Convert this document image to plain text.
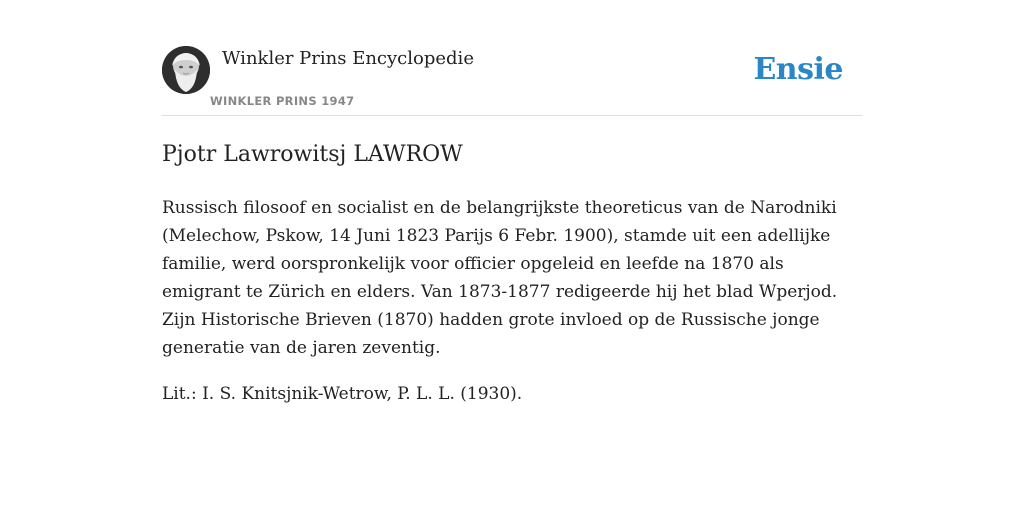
Winkler Prins Encyclopedie
WINKLER PRINS 1947
Ensie
Pjotr Lawrowitsj LAWROW

Russisch filosoof en socialist en de belangrijkste theoreticus van de Narodniki (Melechow, Pskow, 14 Juni 1823 Parijs 6 Febr. 1900), stamde uit een adellijke familie, werd oorspronkelijk voor officier opgeleid en leefde na 1870 als emigrant te Zürich en elders. Van 1873-1877 redigeerde hij het blad Wperjod. Zijn Historische Brieven (1870) hadden grote invloed op de Russische jonge generatie van de jaren zeventig.

Lit.: I. S. Knitsjnik-Wetrow, P. L. L. (1930).
